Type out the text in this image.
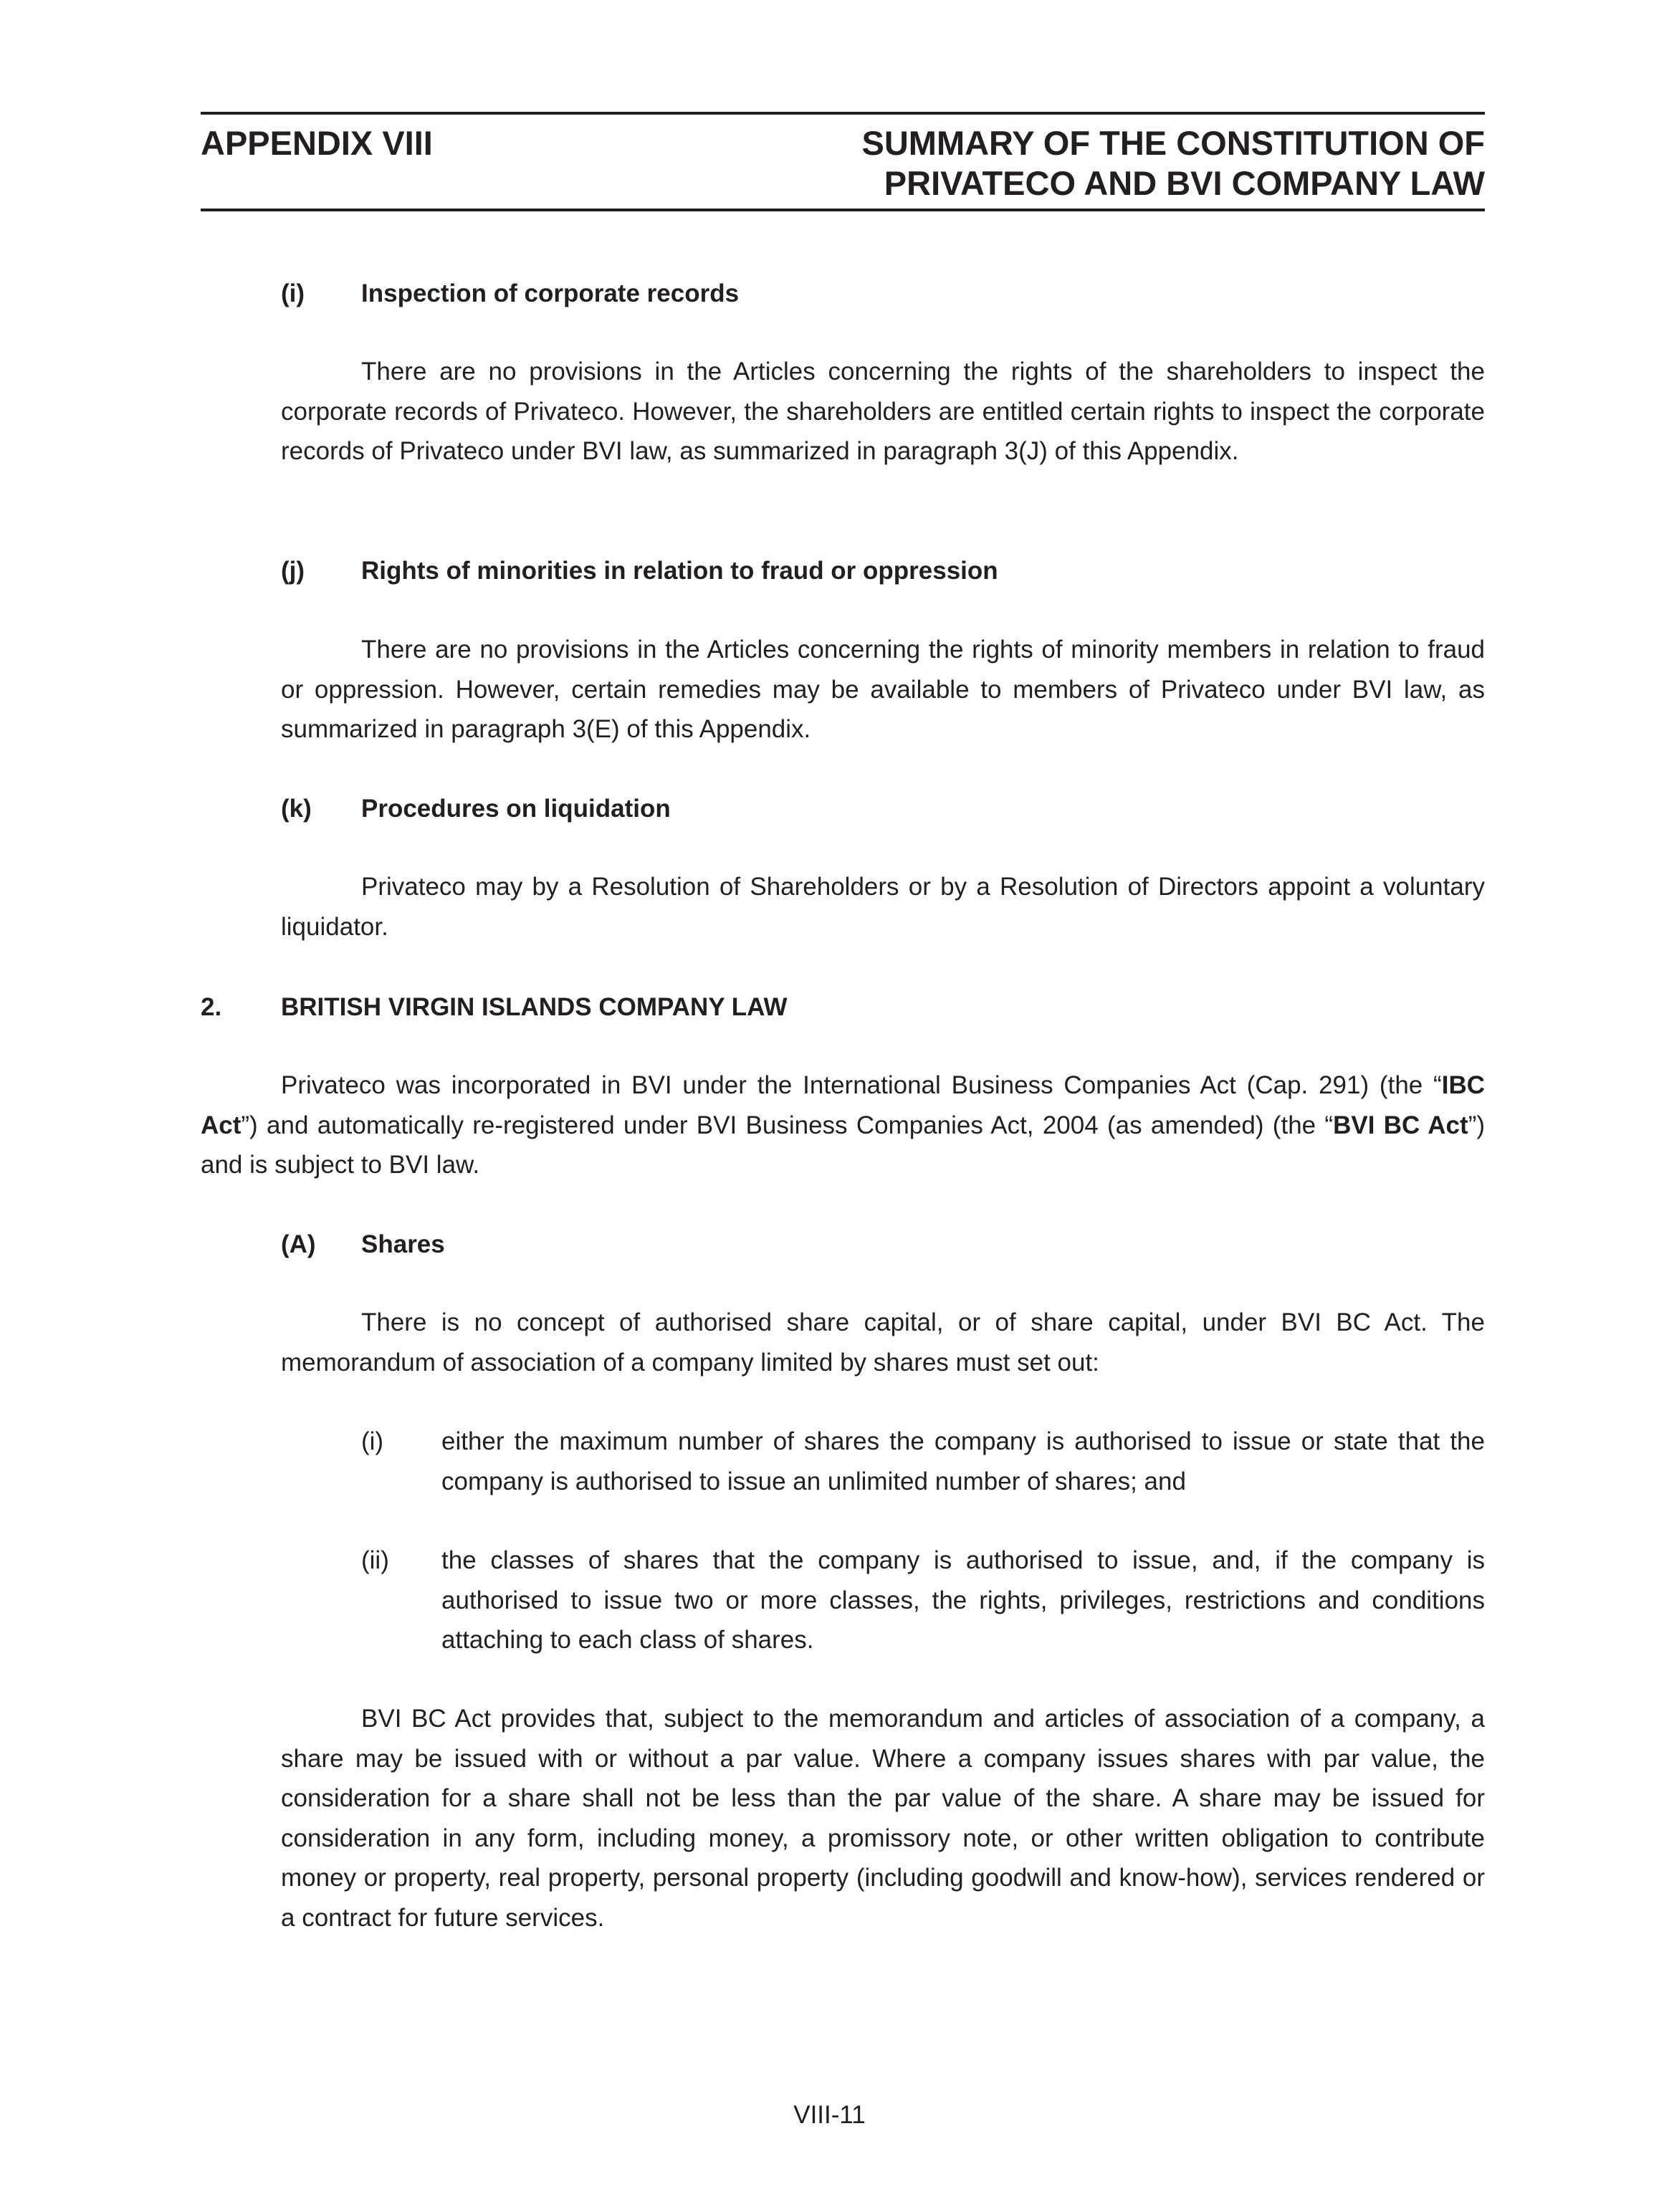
APPENDIX VIII	SUMMARY OF THE CONSTITUTION OF
PRIVATECO AND BVI COMPANY LAW
(i) Inspection of corporate records

There are no provisions in the Articles concerning the rights of the shareholders to inspect the corporate records of Privateco. However, the shareholders are entitled certain rights to inspect the corporate records of Privateco under BVI law, as summarized in paragraph 3(J) of this Appendix.

(j) Rights of minorities in relation to fraud or oppression

There are no provisions in the Articles concerning the rights of minority members in relation to fraud or oppression. However, certain remedies may be available to members of Privateco under BVI law, as summarized in paragraph 3(E) of this Appendix.

(k) Procedures on liquidation

Privateco may by a Resolution of Shareholders or by a Resolution of Directors appoint a voluntary liquidator.

2. BRITISH VIRGIN ISLANDS COMPANY LAW

Privateco was incorporated in BVI under the International Business Companies Act (Cap. 291) (the “IBC Act”) and automatically re-registered under BVI Business Companies Act, 2004 (as amended) (the “BVI BC Act”) and is subject to BVI law.

(A) Shares

There is no concept of authorised share capital, or of share capital, under BVI BC Act. The memorandum of association of a company limited by shares must set out:

(i) either the maximum number of shares the company is authorised to issue or state that the company is authorised to issue an unlimited number of shares; and
(ii) the classes of shares that the company is authorised to issue, and, if the company is authorised to issue two or more classes, the rights, privileges, restrictions and conditions attaching to each class of shares.

BVI BC Act provides that, subject to the memorandum and articles of association of a company, a share may be issued with or without a par value. Where a company issues shares with par value, the consideration for a share shall not be less than the par value of the share. A share may be issued for consideration in any form, including money, a promissory note, or other written obligation to contribute money or property, real property, personal property (including goodwill and know-how), services rendered or a contract for future services.

VIII-11
